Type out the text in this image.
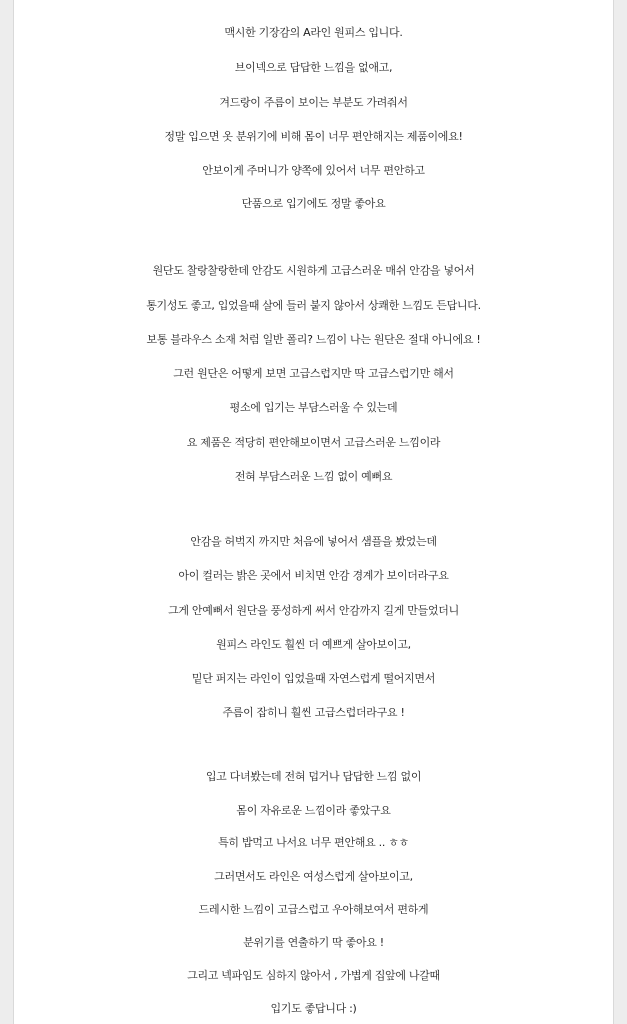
맥시한 기장감의 A라인 원피스 입니다.
브이넥으로 답답한 느낌을 없애고,
겨드랑이 주름이 보이는 부분도 가려줘서
정말 입으면 옷 분위기에 비해 몸이 너무 편안해지는 제품이에요!
안보이게 주머니가 양쪽에 있어서 너무 편안하고
단품으로 입기에도 정말 좋아요
원단도 찰랑찰랑한데 안감도 시원하게 고급스러운 매쉬 안감을 넣어서
통기성도 좋고, 입었을때 살에 들러 붙지 않아서 상쾌한 느낌도 든답니다.
보통 블라우스 소재 처럼 일반 폴리? 느낌이 나는 원단은 절대 아니에요 !
그런 원단은 어떻게 보면 고급스럽지만 딱 고급스럽기만 해서
평소에 입기는 부담스러울 수 있는데
요 제품은 적당히 편안해보이면서 고급스러운 느낌이라
전혀 부담스러운 느낌 없이 예뻐요
안감을 허벅지 까지만 처음에 넣어서 샘플을 봤었는데
아이 컬러는 밝은 곳에서 비치면 안감 경계가 보이더라구요
그게 안예뻐서 원단을 풍성하게 써서 안감까지 길게 만들었더니
원피스 라인도 훨씬 더 예쁘게 살아보이고,
밑단 퍼지는 라인이 입었을때 자연스럽게 떨어지면서
주름이 잡히니 훨씬 고급스럽더라구요 !
입고 다녀봤는데 전혀 덥거나 답답한 느낌 없이
몸이 자유로운 느낌이라 좋았구요
특히 밥먹고 나서요 너무 편안해요 .. ㅎㅎ
그러면서도 라인은 여성스럽게 살아보이고,
드레시한 느낌이 고급스럽고 우아해보여서 편하게
분위기를 연출하기 딱 좋아요 !
그리고 넥파임도 심하지 않아서 , 가볍게 집앞에 나갈때
입기도 좋답니다 :)
